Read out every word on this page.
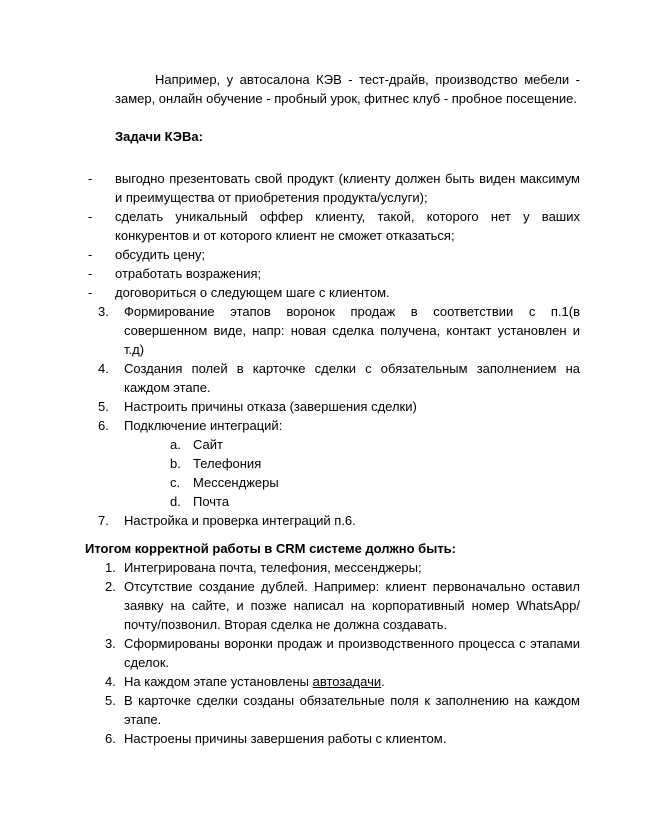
Например, у автосалона КЭВ - тест-драйв, производство мебели - замер, онлайн обучение - пробный урок, фитнес клуб - пробное посещение.

Задачи КЭВа:

-	выгодно презентовать свой продукт (клиенту должен быть виден максимум и преимущества от приобретения продукта/услуги);
-	сделать уникальный оффер клиенту, такой, которого нет у ваших конкурентов и от которого клиент не сможет отказаться;
-	обсудить цену;
-	отработать возражения;
-	договориться о следующем шаге с клиентом.
3.	Формирование этапов воронок продаж в соответствии с п.1(в совершенном виде, напр: новая сделка получена, контакт установлен и т.д)
4.	Создания полей в карточке сделки с обязательным заполнением на каждом этапе.
5.	Настроить причины отказа (завершения сделки)
6.	Подключение интеграций:
a. Сайт
b. Телефония
c. Мессенджеры
d. Почта
7.	Настройка и проверка интеграций п.6.

Итогом корректной работы в CRM системе должно быть:

1. Интегрирована почта, телефония, мессенджеры;
2. Отсутствие создание дублей. Например: клиент первоначально оставил заявку на сайте, и позже написал на корпоративный номер WhatsApp/почту/позвонил. Вторая сделка не должна создавать.
3. Сформированы воронки продаж и производственного процесса с этапами сделок.
4. На каждом этапе установлены автозадачи.
5. В карточке сделки созданы обязательные поля к заполнению на каждом этапе.
6. Настроены причины завершения работы с клиентом.
